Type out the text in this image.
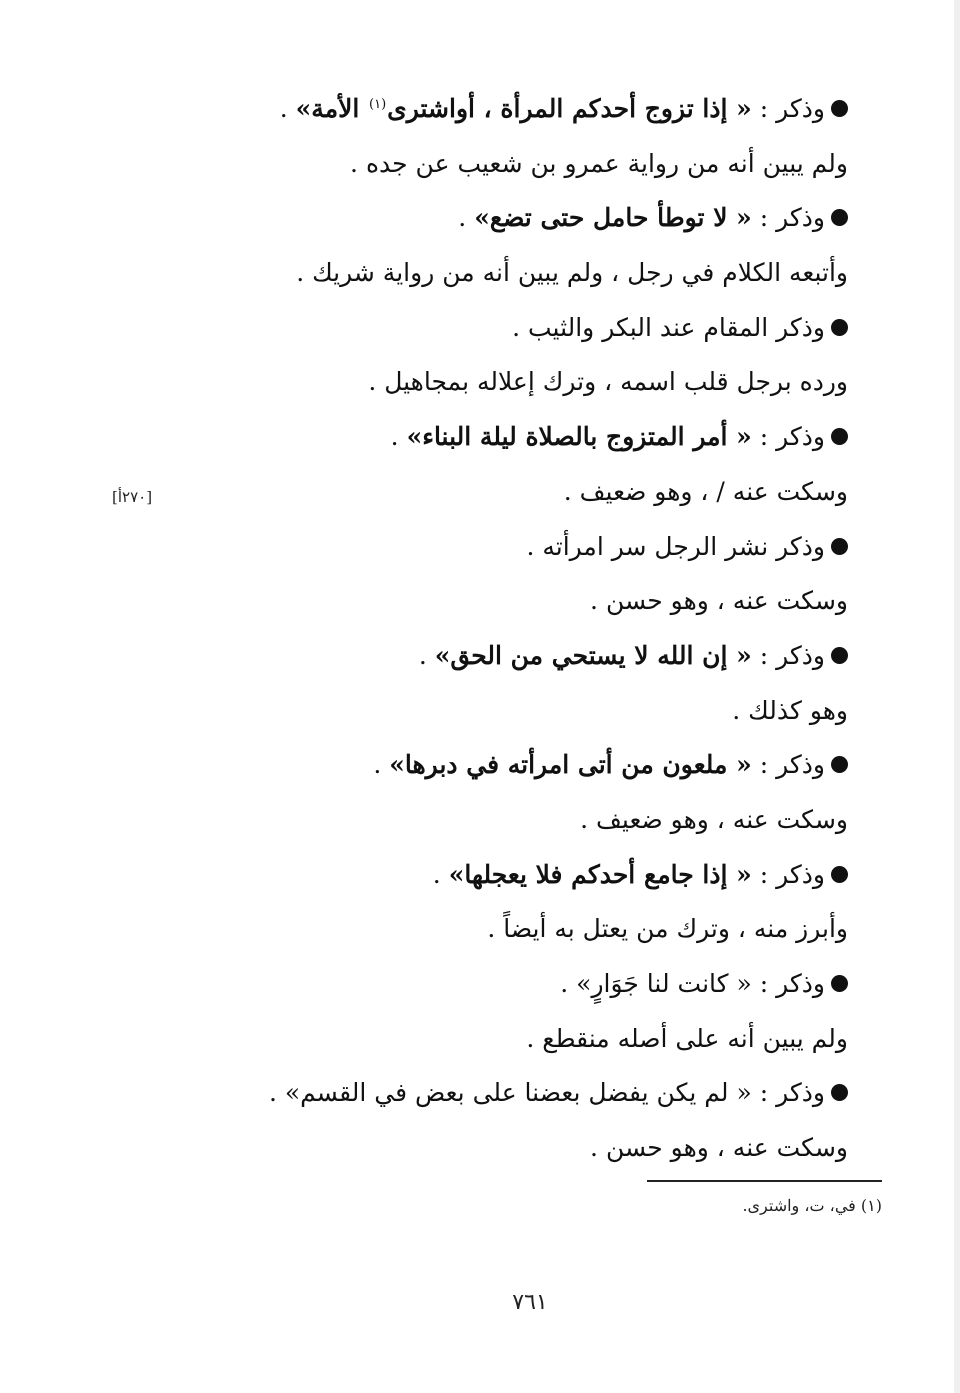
وذكر : « إذا تزوج أحدكم المرأة ، أواشترى$^{(١)}$ الأمة» .
ولم يبين أنه من رواية عمرو بن شعيب عن جده .
وذكر : « لا توطأ حامل حتى تضع» .
وأتبعه الكلام في رجل ، ولم يبين أنه من رواية شريك .
وذكر المقام عند البكر والثيب .
ورده برجل قلب اسمه ، وترك إعلاله بمجاهيل .
وذكر : « أمر المتزوج بالصلاة ليلة البناء» .
وسكت عنه / ، وهو ضعيف .
وذكر نشر الرجل سر امرأته .
وسكت عنه ، وهو حسن .
وذكر : « إن الله لا يستحي من الحق» .
وهو كذلك .
وذكر : « ملعون من أتى امرأته في دبرها» .
وسكت عنه ، وهو ضعيف .
وذكر : « إذا جامع أحدكم فلا يعجلها» .
وأبرز منه ، وترك من يعتل به أيضاً .
وذكر : « كانت لنا جَوَارٍ» .
ولم يبين أنه على أصله منقطع .
وذكر : « لم يكن يفضل بعضنا على بعض في القسم» .
وسكت عنه ، وهو حسن .
[٢٧٠أ]
(١) في، ت، واشترى.
٧٦١
